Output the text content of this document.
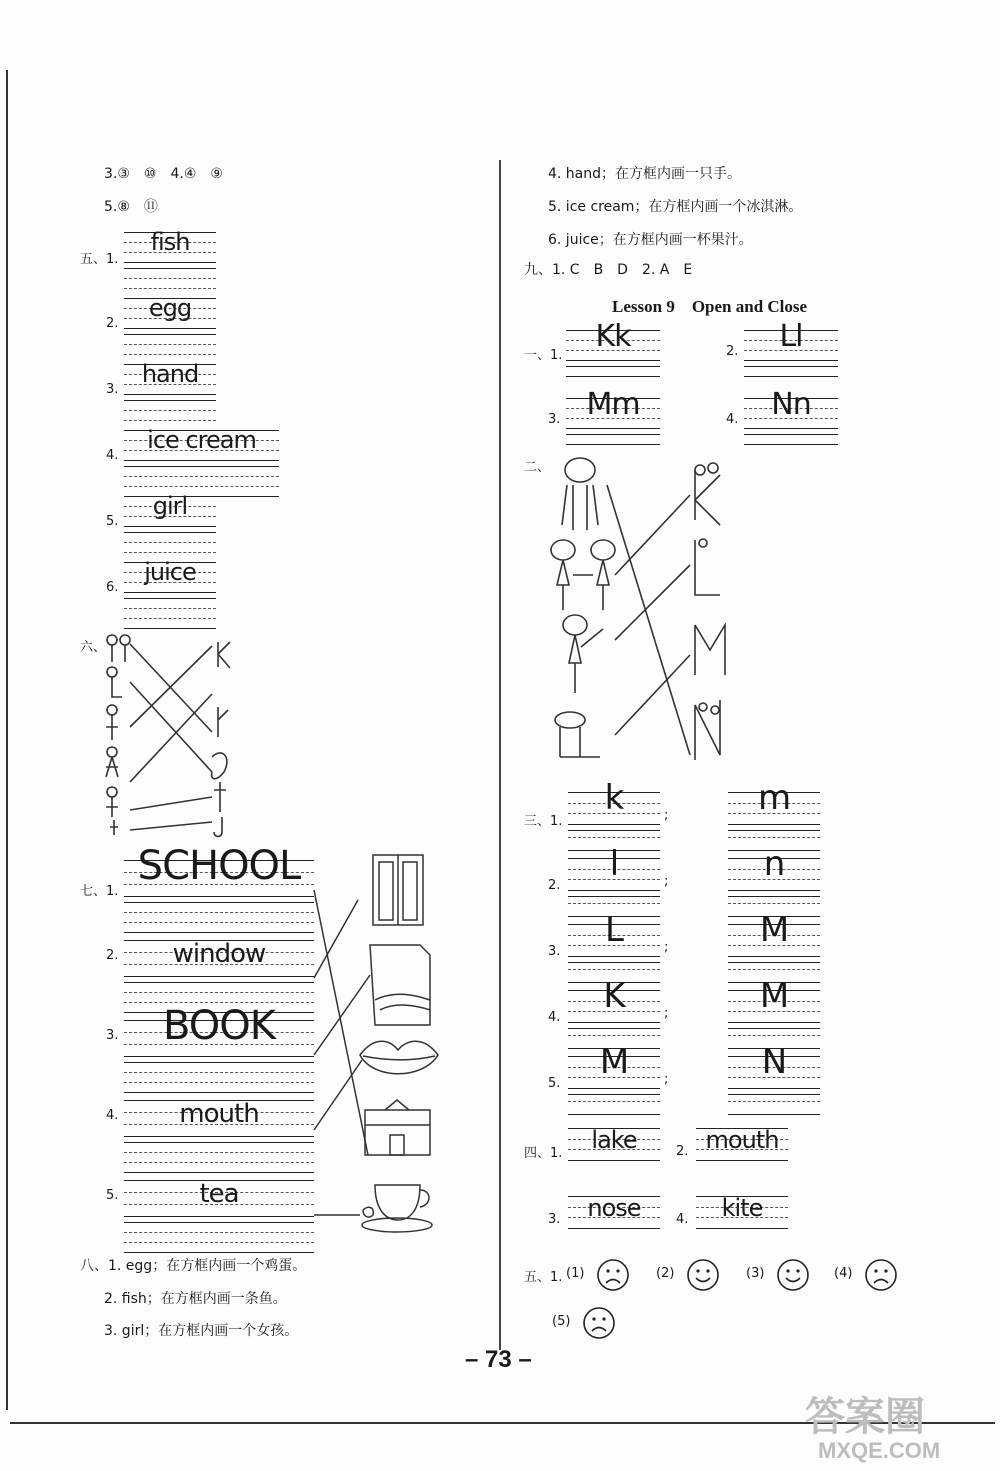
3.③　⑩　4.④　⑨
5.⑧　⑪
五、1.
fish
2.
egg
3.
hand
4.
ice cream
5.
girl
6.
juice
六、
七、1.
SCHOOL
2.	window
3.	BOOK
4.	mouth
5.	tea
八、1. egg；在方框内画一个鸡蛋。
2. fish；在方框内画一条鱼。
3. girl；在方框内画一个女孩。
4. hand；在方框内画一只手。
5. ice cream；在方框内画一个冰淇淋。
6. juice；在方框内画一杯果汁。
九、1. C　B　D　2. A　E
Lesson 9　Open and Close
一、1.
Kk	2.	Ll
3. Mm	4.	Nn
二、
三、1.
k	m
;
2.
l	n
;
3.
L	M
;
4.
K	M
;
5.
M	N
;
四、1.	lake	2. mouth
3.	nose	4.	kite
五、1. (1)	(2)	(3)	(4)
(5)
– 73 –
答案圈
MXQE.COM
